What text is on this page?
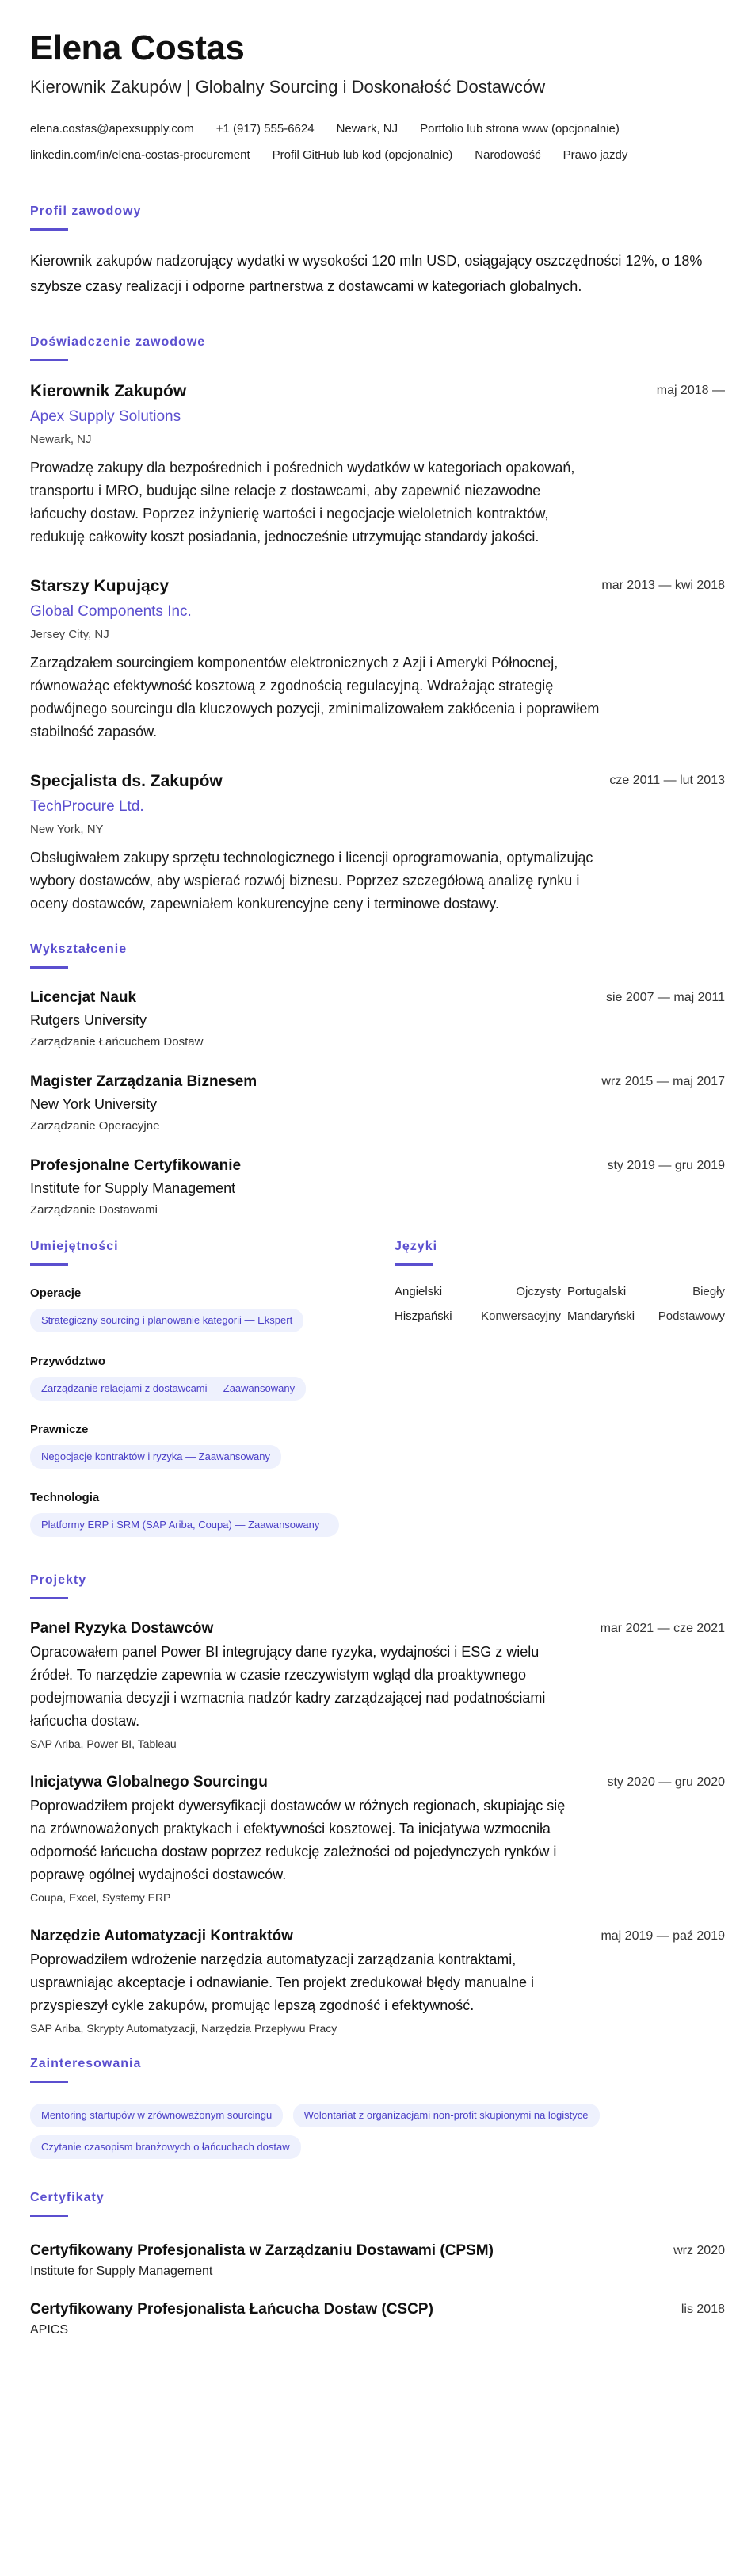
Elena Costas
Kierownik Zakupów | Globalny Sourcing i Doskonałość Dostawców
elena.costas@apexsupply.com +1 (917) 555-6624 Newark, NJ Portfolio lub strona www (opcjonalnie)
linkedin.com/in/elena-costas-procurement Profil GitHub lub kod (opcjonalnie) Narodowość Prawo jazdy
Profil zawodowy
Kierownik zakupów nadzorujący wydatki w wysokości 120 mln USD, osiągający oszczędności 12%, o 18% szybsze czasy realizacji i odporne partnerstwa z dostawcami w kategoriach globalnych.
Doświadczenie zawodowe
Kierownik Zakupów	maj 2018 —
Apex Supply Solutions
Newark, NJ
Prowadzę zakupy dla bezpośrednich i pośrednich wydatków w kategoriach opakowań, transportu i MRO, budując silne relacje z dostawcami, aby zapewnić niezawodne łańcuchy dostaw. Poprzez inżynierię wartości i negocjacje wieloletnich kontraktów, redukuję całkowity koszt posiadania, jednocześnie utrzymując standardy jakości.
Starszy Kupujący	mar 2013 — kwi 2018
Global Components Inc.
Jersey City, NJ
Zarządzałem sourcingiem komponentów elektronicznych z Azji i Ameryki Północnej, równoważąc efektywność kosztową z zgodnością regulacyjną. Wdrażając strategię podwójnego sourcingu dla kluczowych pozycji, zminimalizowałem zakłócenia i poprawiłem stabilność zapasów.
Specjalista ds. Zakupów	cze 2011 — lut 2013
TechProcure Ltd.
New York, NY
Obsługiwałem zakupy sprzętu technologicznego i licencji oprogramowania, optymalizując wybory dostawców, aby wspierać rozwój biznesu. Poprzez szczegółową analizę rynku i oceny dostawców, zapewniałem konkurencyjne ceny i terminowe dostawy.
Wykształcenie
Licencjat Nauk	sie 2007 — maj 2011
Rutgers University
Zarządzanie Łańcuchem Dostaw
Magister Zarządzania Biznesem	wrz 2015 — maj 2017
New York University
Zarządzanie Operacyjne
Profesjonalne Certyfikowanie	sty 2019 — gru 2019
Institute for Supply Management
Zarządzanie Dostawami
Umiejętności
Operacje
Strategiczny sourcing i planowanie kategorii — Ekspert
Przywództwo
Zarządzanie relacjami z dostawcami — Zaawansowany
Prawnicze
Negocjacje kontraktów i ryzyka — Zaawansowany
Technologia
Platformy ERP i SRM (SAP Ariba, Coupa) — Zaawansowany
Języki
Angielski	Ojczysty Portugalski	Biegły
Hiszpański	Konwersacyjny Mandaryński	Podstawowy
Projekty
Panel Ryzyka Dostawców	mar 2021 — cze 2021
Opracowałem panel Power BI integrujący dane ryzyka, wydajności i ESG z wielu źródeł. To narzędzie zapewnia w czasie rzeczywistym wgląd dla proaktywnego podejmowania decyzji i wzmacnia nadzór kadry zarządzającej nad podatnościami łańcucha dostaw.
SAP Ariba, Power BI, Tableau
Inicjatywa Globalnego Sourcingu	sty 2020 — gru 2020
Poprowadziłem projekt dywersyfikacji dostawców w różnych regionach, skupiając się na zrównoważonych praktykach i efektywności kosztowej. Ta inicjatywa wzmocniła odporność łańcucha dostaw poprzez redukcję zależności od pojedynczych rynków i poprawę ogólnej wydajności dostawców.
Coupa, Excel, Systemy ERP
Narzędzie Automatyzacji Kontraktów	maj 2019 — paź 2019
Poprowadziłem wdrożenie narzędzia automatyzacji zarządzania kontraktami, usprawniając akceptacje i odnawianie. Ten projekt zredukował błędy manualne i przyspieszył cykle zakupów, promując lepszą zgodność i efektywność.
SAP Ariba, Skrypty Automatyzacji, Narzędzia Przepływu Pracy
Zainteresowania
Mentoring startupów w zrównoważonym sourcingu	Wolontariat z organizacjami non-profit skupionymi na logistyce Czytanie czasopism branżowych o łańcuchach dostaw
Certyfikaty
Certyfikowany Profesjonalista w Zarządzaniu Dostawami (CPSM)	wrz 2020
Institute for Supply Management
Certyfikowany Profesjonalista Łańcucha Dostaw (CSCP)	lis 2018
APICS
